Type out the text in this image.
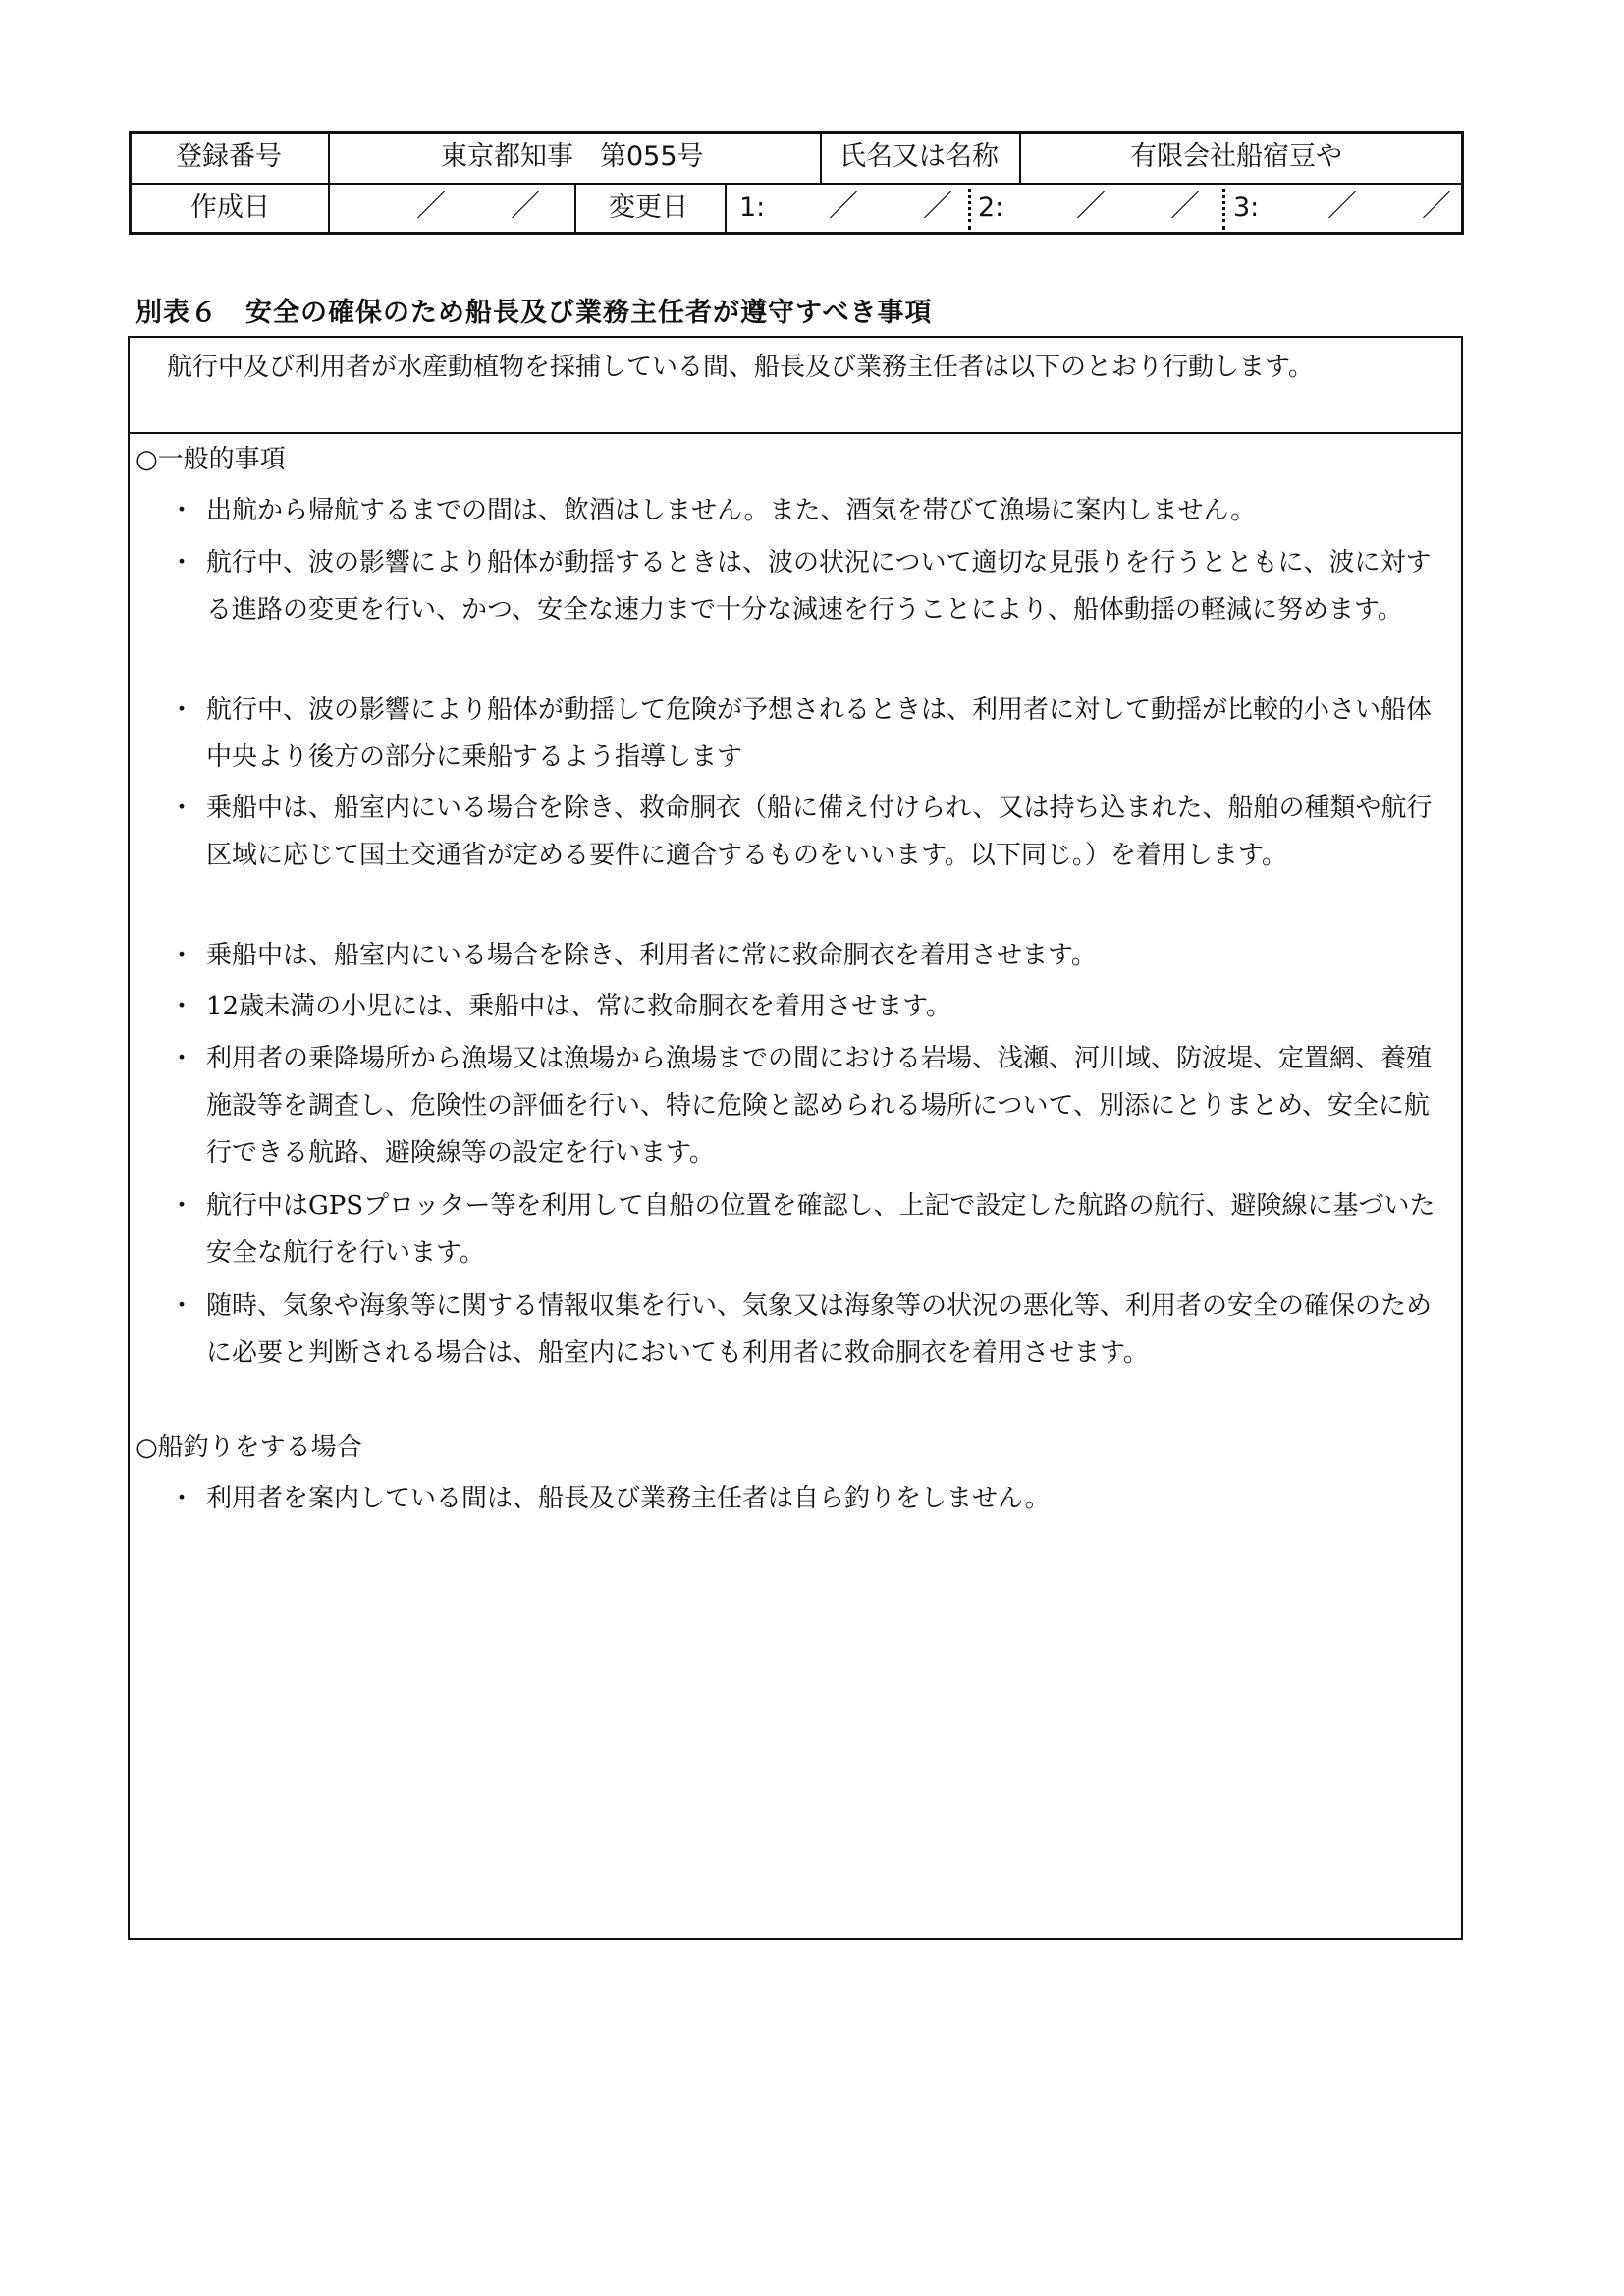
登録番号	東京都知事　第055号	氏名又は名称	有限会社船宿豆や
作成日	／　／ 変更日 1: ／　／ 2: ／　／ 3: ／　／
別表６　安全の確保のため船長及び業務主任者が遵守すべき事項
航行中及び利用者が水産動植物を採捕している間、船長及び業務主任者は以下のとおり行動します。
○一般的事項
・ 出航から帰航するまでの間は、飲酒はしません。また、酒気を帯びて漁場に案内しません。
・ 航行中、波の影響により船体が動揺するときは、波の状況について適切な見張りを行うとともに、波に対する進路の変更を行い、かつ、安全な速力まで十分な減速を行うことにより、船体動揺の軽減に努めます。
・ 航行中、波の影響により船体が動揺して危険が予想されるときは、利用者に対して動揺が比較的小さい船体中央より後方の部分に乗船するよう指導します
・ 乗船中は、船室内にいる場合を除き、救命胴衣（船に備え付けられ、又は持ち込まれた、船舶の種類や航行区域に応じて国土交通省が定める要件に適合するものをいいます。以下同じ。）を着用します。
・ 乗船中は、船室内にいる場合を除き、利用者に常に救命胴衣を着用させます。
・ 12歳未満の小児には、乗船中は、常に救命胴衣を着用させます。
・ 利用者の乗降場所から漁場又は漁場から漁場までの間における岩場、浅瀬、河川域、防波堤、定置網、養殖施設等を調査し、危険性の評価を行い、特に危険と認められる場所について、別添にとりまとめ、安全に航行できる航路、避険線等の設定を行います。
・ 航行中はGPSプロッター等を利用して自船の位置を確認し、上記で設定した航路の航行、避険線に基づいた安全な航行を行います。
・ 随時、気象や海象等に関する情報収集を行い、気象又は海象等の状況の悪化等、利用者の安全の確保のために必要と判断される場合は、船室内においても利用者に救命胴衣を着用させます。
○船釣りをする場合
・ 利用者を案内している間は、船長及び業務主任者は自ら釣りをしません。
